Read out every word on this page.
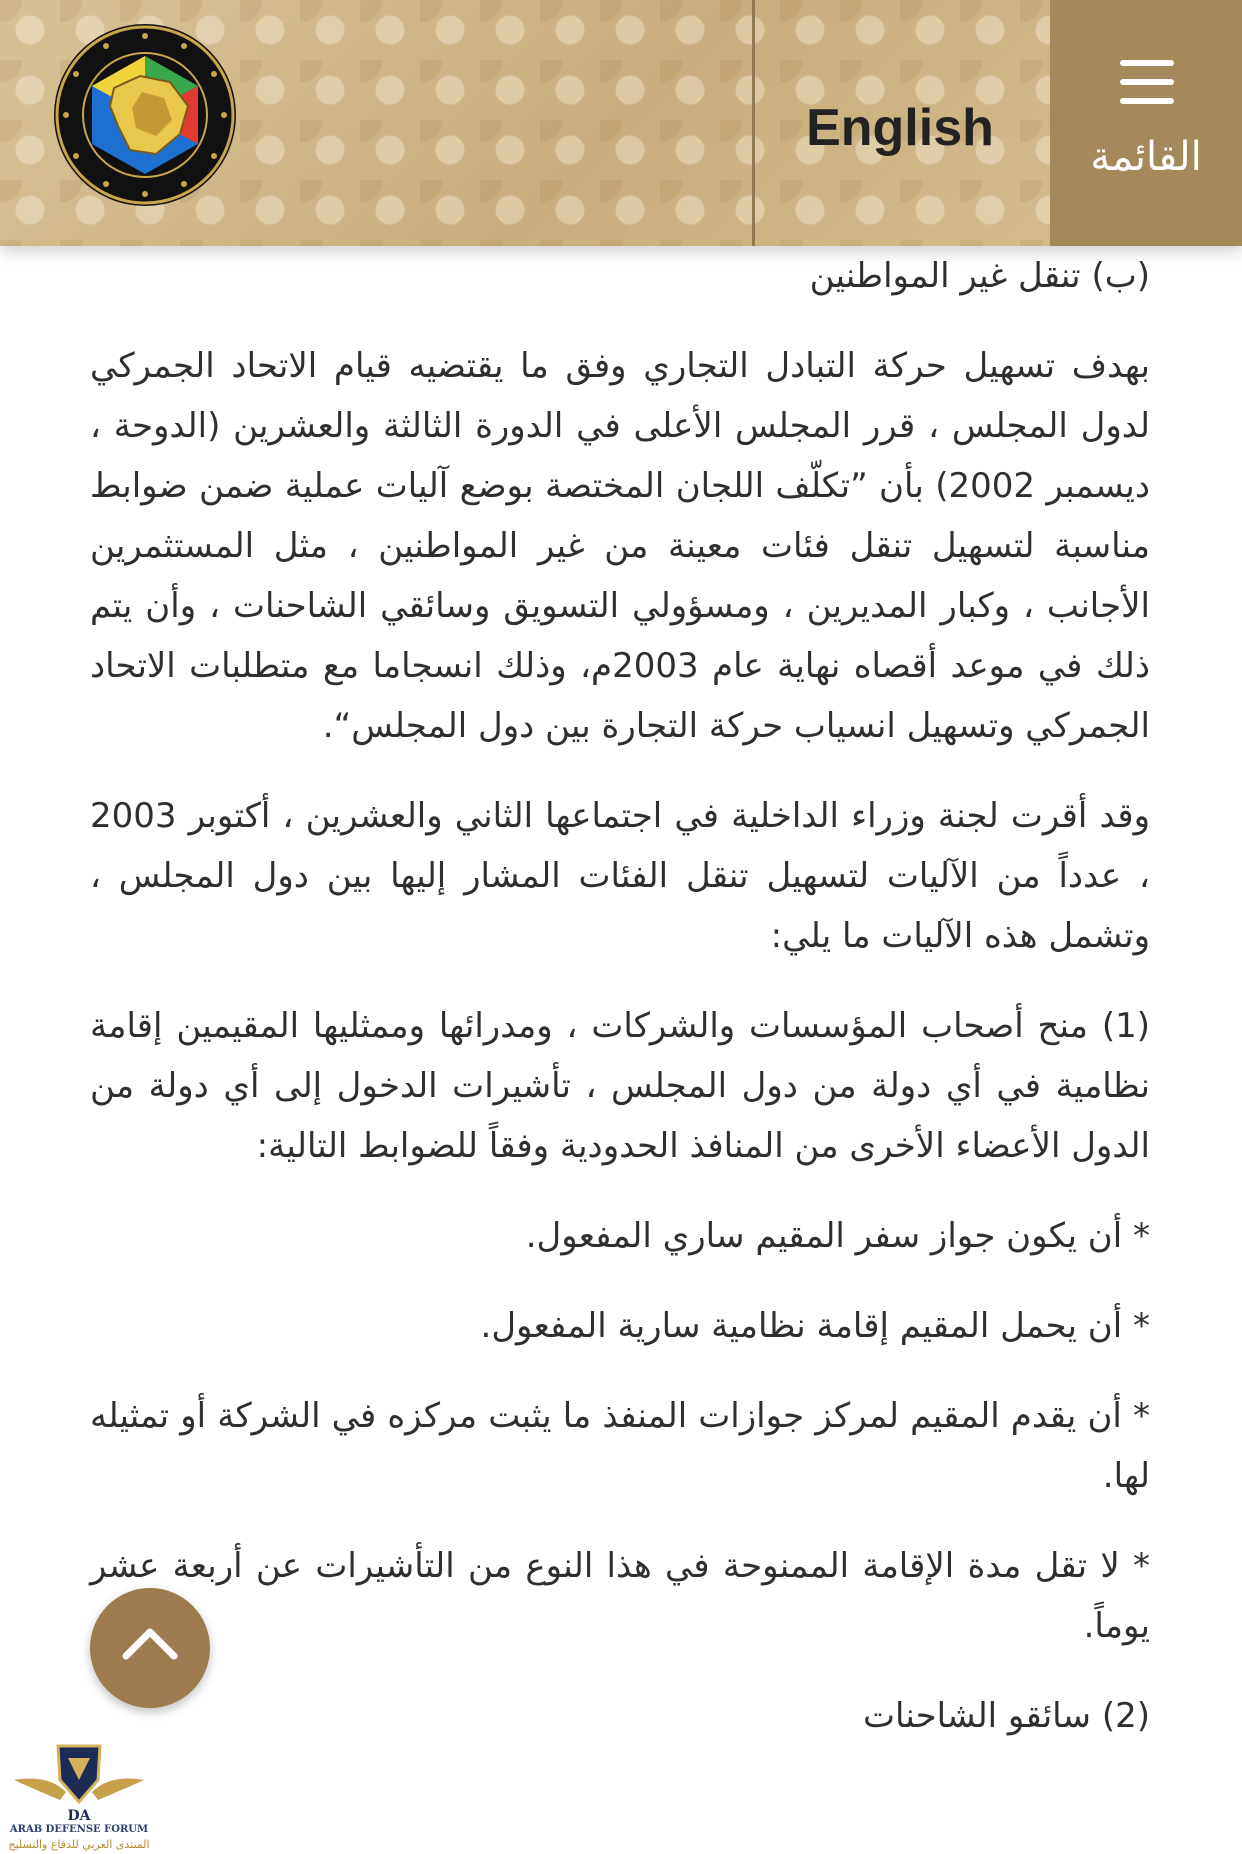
English	القائمة
(ب) تنقل غير المواطنين

بهدف تسهيل حركة التبادل التجاري وفق ما يقتضيه قيام الاتحاد الجمركي لدول المجلس ، قرر المجلس الأعلى في الدورة الثالثة والعشرين (الدوحة ، ديسمبر 2002) بأن ”تكلّف اللجان المختصة بوضع آليات عملية ضمن ضوابط مناسبة لتسهيل تنقل فئات معينة من غير المواطنين ، مثل المستثمرين الأجانب ، وكبار المديرين ، ومسؤولي التسويق وسائقي الشاحنات ، وأن يتم ذلك في موعد أقصاه نهاية عام 2003م، وذلك انسجاما مع متطلبات الاتحاد الجمركي وتسهيل انسياب حركة التجارة بين دول المجلس“.

وقد أقرت لجنة وزراء الداخلية في اجتماعها الثاني والعشرين ، أكتوبر 2003 ، عدداً من الآليات لتسهيل تنقل الفئات المشار إليها بين دول المجلس ، وتشمل هذه الآليات ما يلي:

(1) منح أصحاب المؤسسات والشركات ، ومدرائها وممثليها المقيمين إقامة نظامية في أي دولة من دول المجلس ، تأشيرات الدخول إلى أي دولة من الدول الأعضاء الأخرى من المنافذ الحدودية وفقاً للضوابط التالية:

* أن يكون جواز سفر المقيم ساري المفعول.

* أن يحمل المقيم إقامة نظامية سارية المفعول.

* أن يقدم المقيم لمركز جوازات المنفذ ما يثبت مركزه في الشركة أو تمثيله لها.

* لا تقل مدة الإقامة الممنوحة في هذا النوع من التأشيرات عن أربعة عشر يوماً.

(2) سائقو الشاحنات
DA
ARAB DEFENSE FORUM
المنتدى العربي للدفاع والتسليح
